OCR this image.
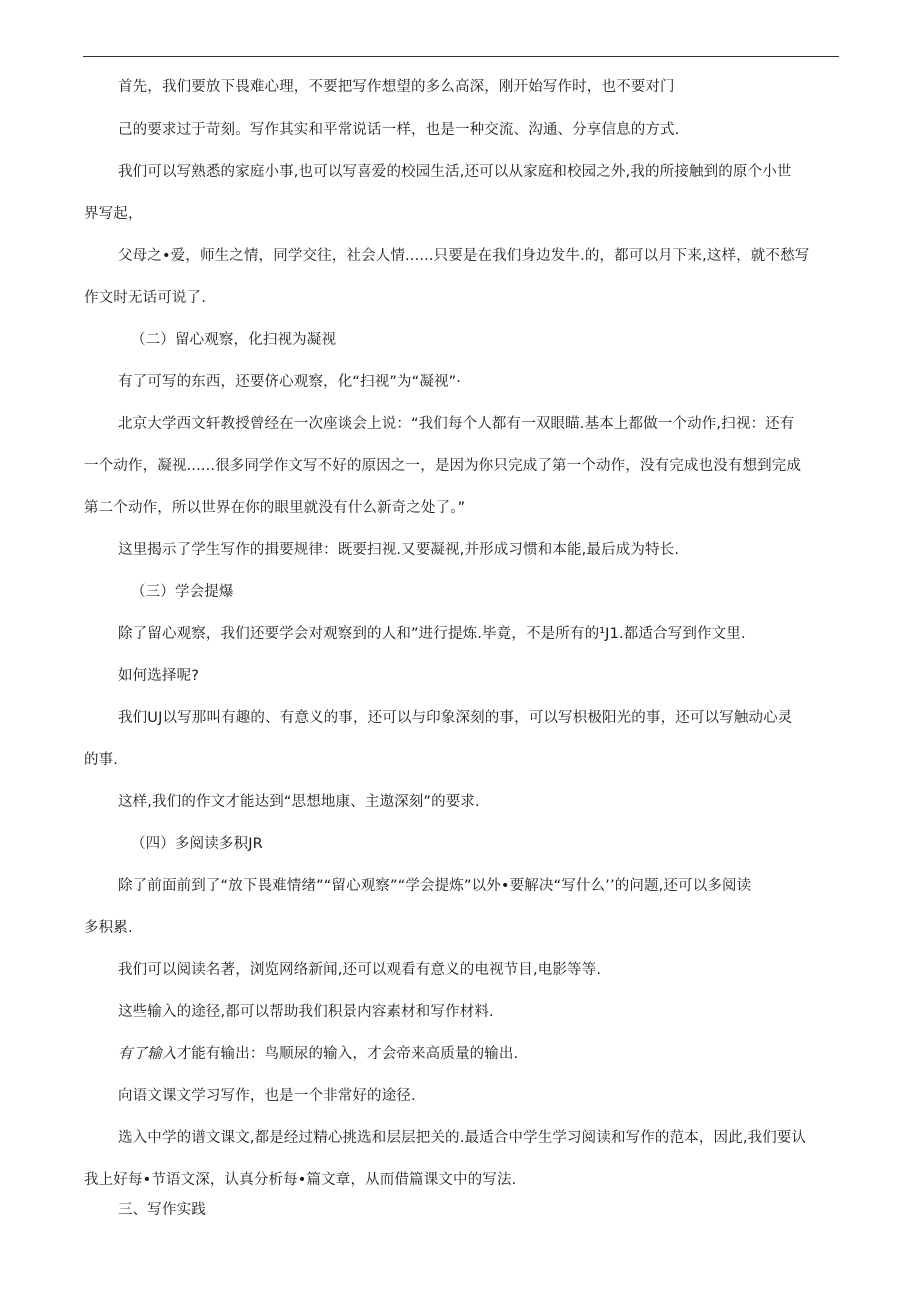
首先，我们要放下畏难心理，不要把写作想望的多么高深，刚开始写作时，也不要对门
己的要求过于苛刻。写作其实和平常说话一样，也是一种交流、沟通、分享信息的方式.
我们可以写熟悉的家庭小事,也可以写喜爱的校园生活,还可以从家庭和校园之外,我的所接触到的原个小世
界写起，
父母之•爱，师生之情，同学交往，社会人情......只要是在我们身边发牛.的，都可以月下来,这样，就不愁写
作文时无话可说了.
（二）留心观察，化扫视为凝视
有了可写的东西，还要侪心观察，化“扫视”为“凝视”·
北京大学西文轩教授曾经在一次座谈会上说：“我们每个人都有一双眼瞄.基本上都做一个动作,扫视：还有
一个动作，凝视......很多同学作文写不好的原因之一，是因为你只完成了第一个动作，没有完成也没有想到完成
第二个动作，所以世界在你的眼里就没有什么新奇之处了。”
这里揭示了学生写作的揖要规律：既要扫视.又要凝视,并形成习惯和本能,最后成为特长.
（三）学会提爆
除了留心观察，我们还要学会对观察到的人和”进行提炼.毕竟，不是所有的¹J1.都适合写到作文里.
如何选择呢?
我们UJ以写那叫有趣的、有意义的事，还可以与印象深刻的事，可以写枳极阳光的事，还可以写触动心灵
的事.
这样,我们的作文才能达到“思想地康、主遨深刻”的要求.
（四）多阅读多积JR
除了前面前到了“放下畏难情绪”“留心观察”“学会提炼”以外•要解决“写什么’’的问题,还可以多阅读
多积累.
我们可以阅读名著，浏览网络新闻,还可以观看有意义的电视节目,电影等等.
这些输入的途径,都可以帮助我们积景内容素材和写作材料.
有了输入才能有输出：鸟顺尿的输入，才会帝来高质量的输出.
向语文课文学习写作，也是一个非常好的途径.
选入中学的谱文课文,都是经过精心挑选和层层把关的.最适合中学生学习阅读和写作的范本，因此,我们要认
我上好每•节语文深，认真分析每•篇文章，从而借篇课文中的写法.
三、写作实践
